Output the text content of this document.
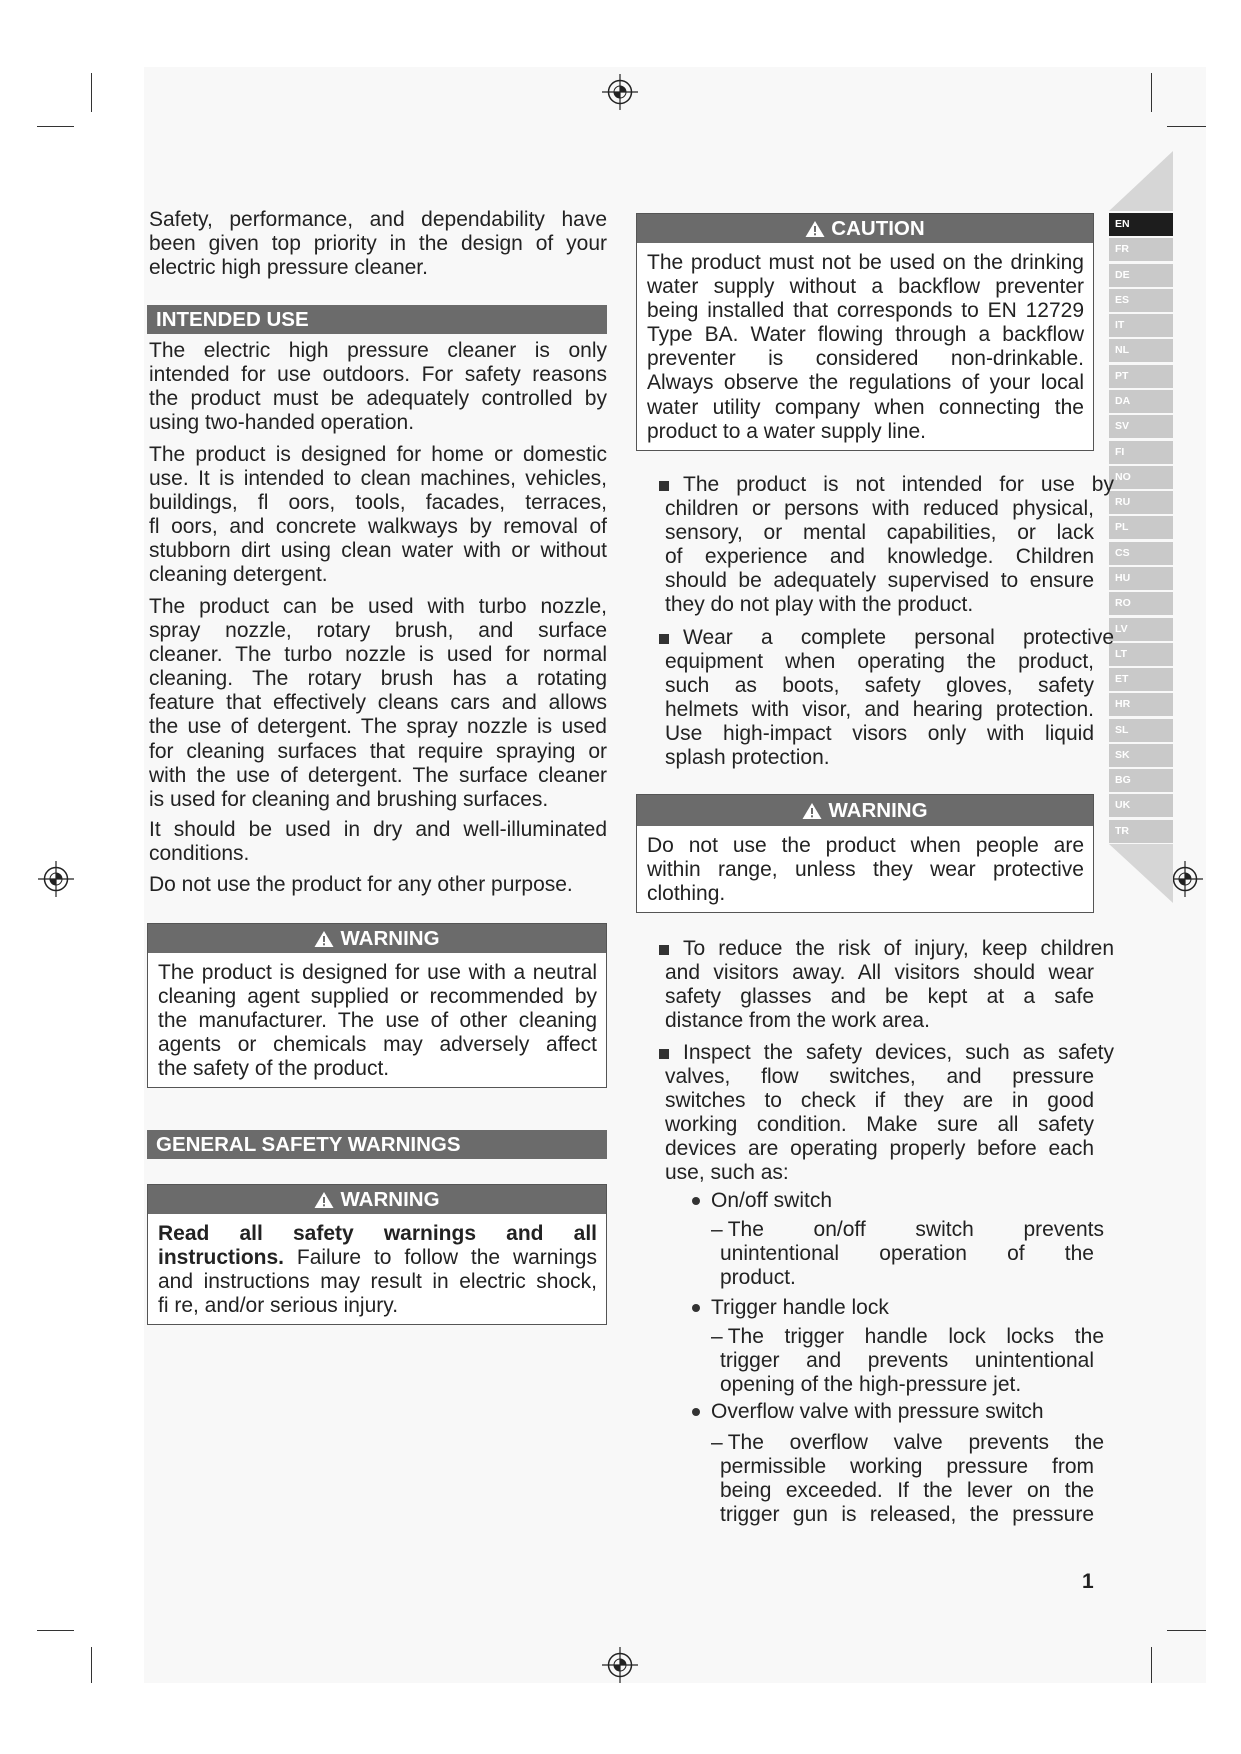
EN
FR
DE
ES
IT
NL
PT
DA
SV
FI
NO
RU
PL
CS
HU
RO
LV
LT
ET
HR
SL
SK
BG
UK
TR
Safety, performance, and dependability have
been given top priority in the design of your
electric high pressure cleaner.
INTENDED USE
The electric high pressure cleaner is only
intended for use outdoors. For safety reasons
the product must be adequately controlled by
using two-handed operation.
The product is designed for home or domestic
use. It is intended to clean machines, vehicles,
buildings, fl oors, tools, facades, terraces,
fl oors, and concrete walkways by removal of
stubborn dirt using clean water with or without
cleaning detergent.
The product can be used with turbo nozzle,
spray nozzle, rotary brush, and surface
cleaner. The turbo nozzle is used for normal
cleaning. The rotary brush has a rotating
feature that effectively cleans cars and allows
the use of detergent. The spray nozzle is used
for cleaning surfaces that require spraying or
with the use of detergent. The surface cleaner
is used for cleaning and brushing surfaces.
It should be used in dry and well-illuminated
conditions.
Do not use the product for any other purpose.
WARNING
The product is designed for use with a neutral
cleaning agent supplied or recommended by
the manufacturer. The use of other cleaning
agents or chemicals may adversely affect
the safety of the product.
GENERAL SAFETY WARNINGS
WARNING
Read all safety warnings and all
instructions. Failure to follow the warnings
and instructions may result in electric shock,
fi re, and/or serious injury.
CAUTION
The product must not be used on the drinking
water supply without a backflow preventer
being installed that corresponds to EN 12729
Type BA. Water flowing through a backflow
preventer is considered non-drinkable.
Always observe the regulations of your local
water utility company when connecting the
product to a water supply line.
The product is not intended for use by
children or persons with reduced physical,
sensory, or mental capabilities, or lack
of experience and knowledge. Children
should be adequately supervised to ensure
they do not play with the product.
Wear a complete personal protective
equipment when operating the product,
such as boots, safety gloves, safety
helmets with visor, and hearing protection.
Use high-impact visors only with liquid
splash protection.
WARNING
Do not use the product when people are
within range, unless they wear protective
clothing.
To reduce the risk of injury, keep children
and visitors away. All visitors should wear
safety glasses and be kept at a safe
distance from the work area.
Inspect the safety devices, such as safety
valves, flow switches, and pressure
switches to check if they are in good
working condition. Make sure all safety
devices are operating properly before each
use, such as:
On/off switch
– The on/off switch prevents
unintentional operation of the
product.
Trigger handle lock
– The trigger handle lock locks the
trigger and prevents unintentional
opening of the high-pressure jet.
Overflow valve with pressure switch
– The overflow valve prevents the
permissible working pressure from
being exceeded. If the lever on the
trigger gun is released, the pressure
1
